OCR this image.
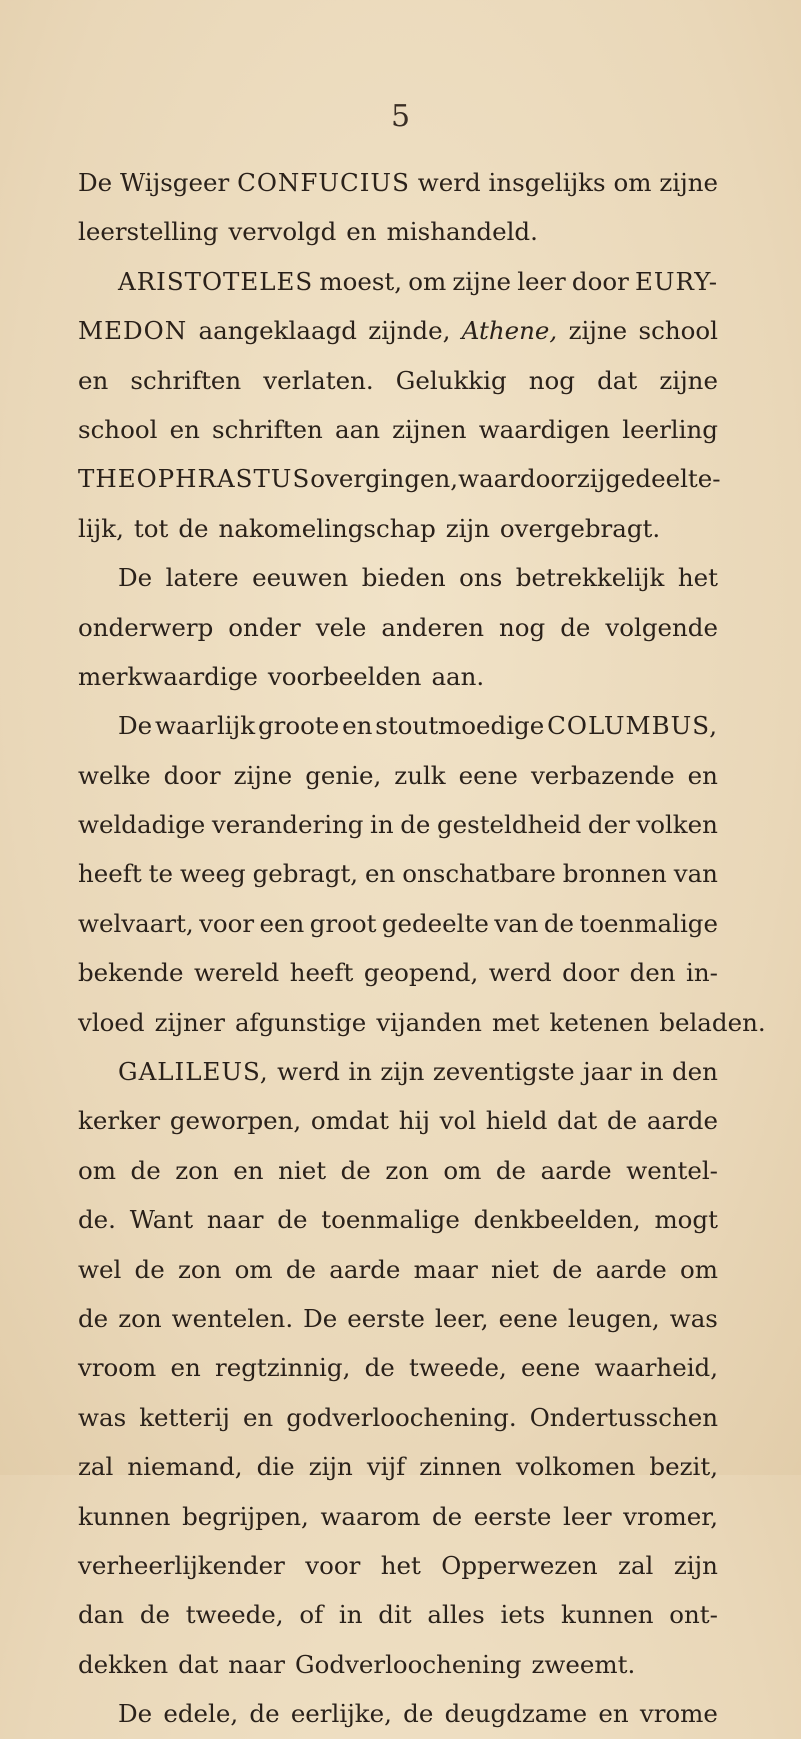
5
De Wijsgeer CONFUCIUS werd insgelijks om zijne
leerstelling vervolgd en mishandeld.
ARISTOTELES moest, om zijne leer door EURY-
MEDON aangeklaagd zijnde, Athene, zijne school
en schriften verlaten. Gelukkig nog dat zijne
school en schriften aan zijnen waardigen leerling
THEOPHRASTUS overgingen, waardoor zij gedeelte-
lijk, tot de nakomelingschap zijn overgebragt.
De latere eeuwen bieden ons betrekkelijk het
onderwerp onder vele anderen nog de volgende
merkwaardige voorbeelden aan.
De waarlijk groote en stoutmoedige COLUMBUS,
welke door zijne genie, zulk eene verbazende en
weldadige verandering in de gesteldheid der volken
heeft te weeg gebragt, en onschatbare bronnen van
welvaart, voor een groot gedeelte van de toenmalige
bekende wereld heeft geopend, werd door den in-
vloed zijner afgunstige vijanden met ketenen beladen.
GALILEUS, werd in zijn zeventigste jaar in den
kerker geworpen, omdat hij vol hield dat de aarde
om de zon en niet de zon om de aarde wentel-
de. Want naar de toenmalige denkbeelden, mogt
wel de zon om de aarde maar niet de aarde om
de zon wentelen. De eerste leer, eene leugen, was
vroom en regtzinnig, de tweede, eene waarheid,
was ketterij en godverloochening. Ondertusschen
zal niemand, die zijn vijf zinnen volkomen bezit,
kunnen begrijpen, waarom de eerste leer vromer,
verheerlijkender voor het Opperwezen zal zijn
dan de tweede, of in dit alles iets kunnen ont-
dekken dat naar Godverloochening zweemt.
De edele, de eerlijke, de deugdzame en vrome
